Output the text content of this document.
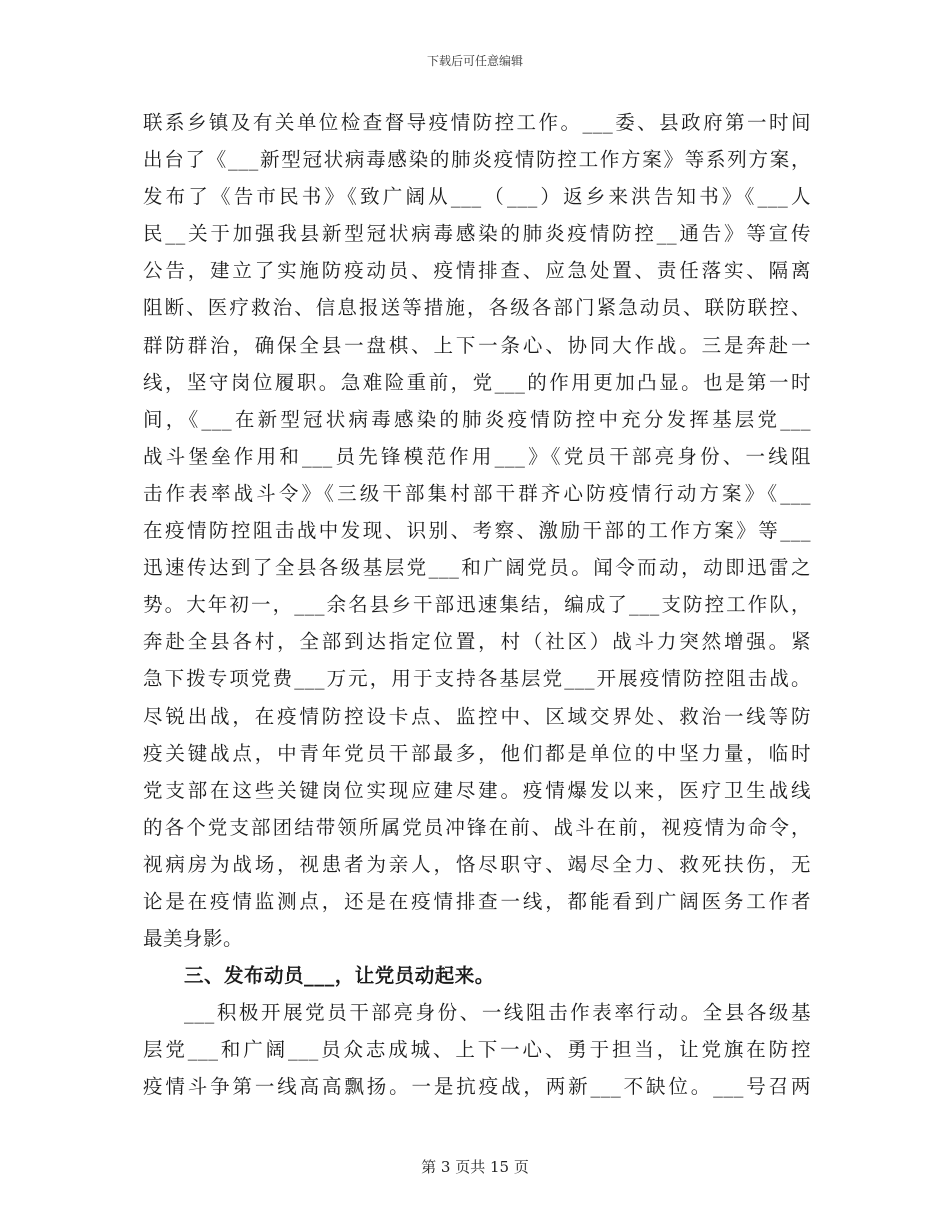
下载后可任意编辑
联系乡镇及有关单位检查督导疫情防控工作。___委、县政府第一时间
出台了《___新型冠状病毒感染的肺炎疫情防控工作方案》等系列方案，
发布了《告市民书》《致广阔从___（___）返乡来洪告知书》《___人
民__关于加强我县新型冠状病毒感染的肺炎疫情防控__通告》等宣传
公告，建立了实施防疫动员、疫情排查、应急处置、责任落实、隔离
阻断、医疗救治、信息报送等措施，各级各部门紧急动员、联防联控、
群防群治，确保全县一盘棋、上下一条心、协同大作战。三是奔赴一
线，坚守岗位履职。急难险重前，党___的作用更加凸显。也是第一时
间，《___在新型冠状病毒感染的肺炎疫情防控中充分发挥基层党___
战斗堡垒作用和___员先锋模范作用___》《党员干部亮身份、一线阻
击作表率战斗令》《三级干部集村部干群齐心防疫情行动方案》《___
在疫情防控阻击战中发现、识别、考察、激励干部的工作方案》等___
迅速传达到了全县各级基层党___和广阔党员。闻令而动，动即迅雷之
势。大年初一，___余名县乡干部迅速集结，编成了___支防控工作队，
奔赴全县各村，全部到达指定位置，村（社区）战斗力突然增强。紧
急下拨专项党费___万元，用于支持各基层党___开展疫情防控阻击战。
尽锐出战，在疫情防控设卡点、监控中、区域交界处、救治一线等防
疫关键战点，中青年党员干部最多，他们都是单位的中坚力量，临时
党支部在这些关键岗位实现应建尽建。疫情爆发以来，医疗卫生战线
的各个党支部团结带领所属党员冲锋在前、战斗在前，视疫情为命令，
视病房为战场，视患者为亲人，恪尽职守、竭尽全力、救死扶伤，无
论是在疫情监测点，还是在疫情排查一线，都能看到广阔医务工作者
最美身影。
三、发布动员___，让党员动起来。
___积极开展党员干部亮身份、一线阻击作表率行动。全县各级基
层党___和广阔___员众志成城、上下一心、勇于担当，让党旗在防控
疫情斗争第一线高高飘扬。一是抗疫战，两新___不缺位。___号召两
第 3 页共 15 页
